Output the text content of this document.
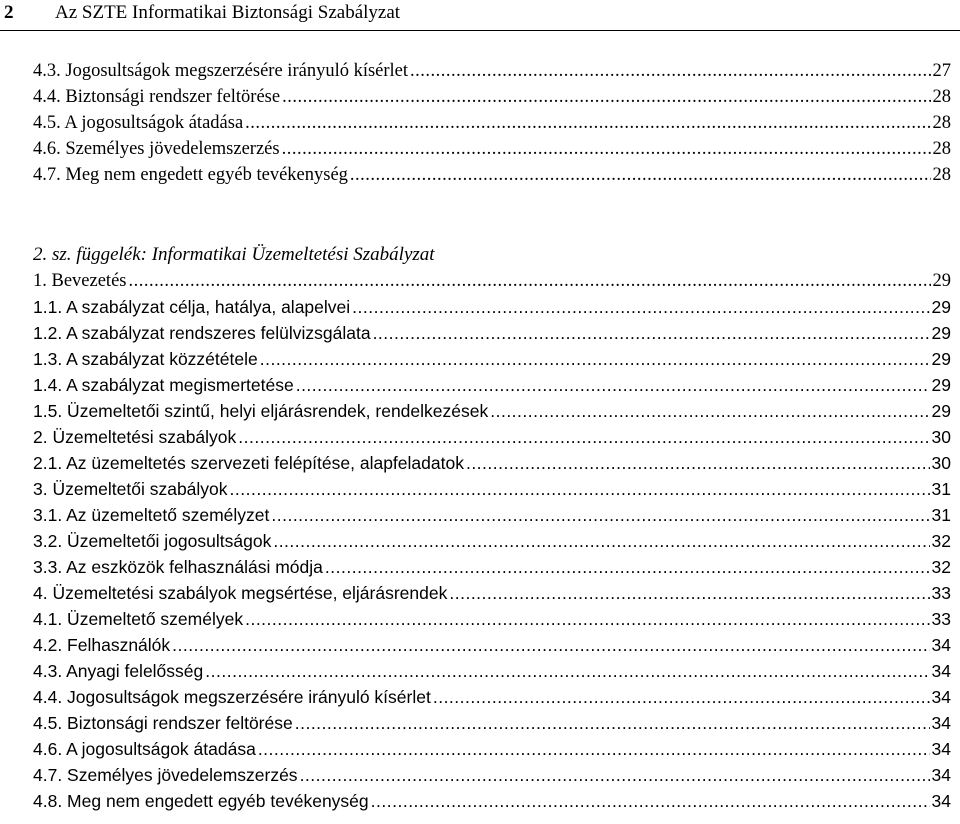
2 Az SZTE Informatikai Biztonsági Szabályzat
4.3. Jogosultságok megszerzésére irányuló kísérlet .....	27
4.4. Biztonsági rendszer feltörése .....	28
4.5. A jogosultságok átadása .....	28
4.6. Személyes jövedelemszerzés .....	28
4.7. Meg nem engedett egyéb tevékenység .....	28
2. sz. függelék: Informatikai Üzemeltetési Szabályzat
1. Bevezetés .....	29
1.1. A szabályzat célja, hatálya, alapelvei .....	29
1.2. A szabályzat rendszeres felülvizsgálata .....	29
1.3. A szabályzat közzététele .....	29
1.4. A szabályzat megismertetése .....	29
1.5. Üzemeltetői szintű, helyi eljárásrendek, rendelkezések .....	29
2. Üzemeltetési szabályok .....	30
2.1. Az üzemeltetés szervezeti felépítése, alapfeladatok .....	30
3. Üzemeltetői szabályok .....	31
3.1. Az üzemeltető személyzet .....	31
3.2. Üzemeltetői jogosultságok .....	32
3.3. Az eszközök felhasználási módja .....	32
4. Üzemeltetési szabályok megsértése, eljárásrendek .....	33
4.1. Üzemeltető személyek .....	33
4.2. Felhasználók .....	34
4.3. Anyagi felelősség .....	34
4.4. Jogosultságok megszerzésére irányuló kísérlet .....	34
4.5. Biztonsági rendszer feltörése .....	34
4.6. A jogosultságok átadása .....	34
4.7. Személyes jövedelemszerzés .....	34
4.8. Meg nem engedett egyéb tevékenység .....	34
